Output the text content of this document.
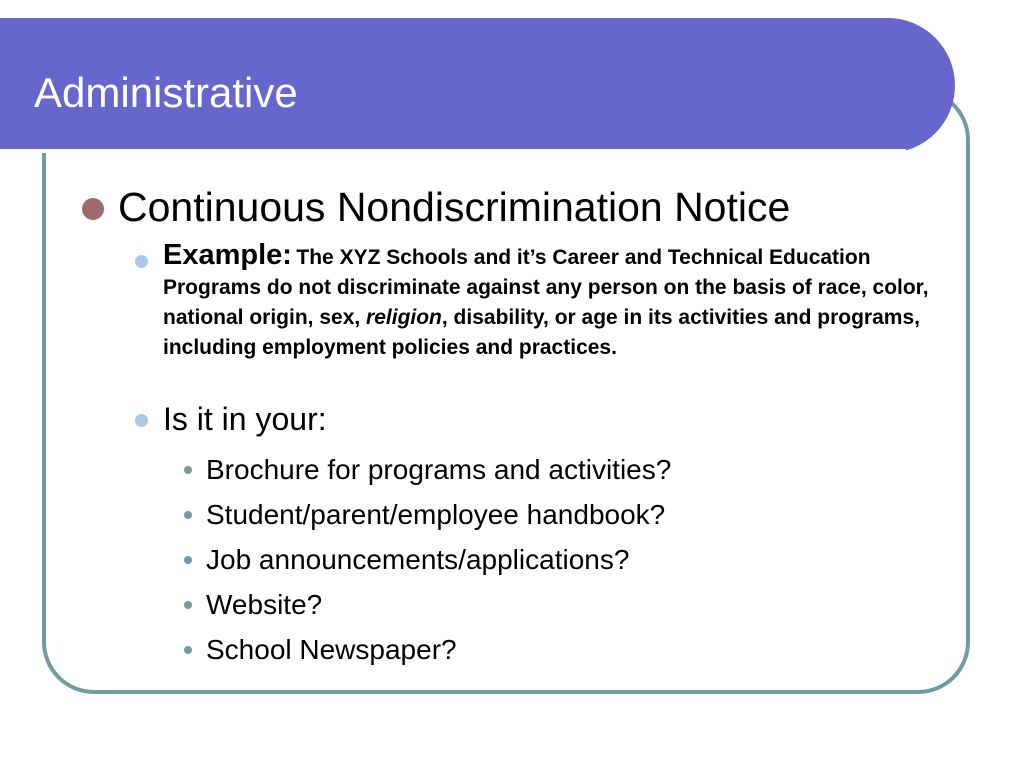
Administrative
Continuous Nondiscrimination Notice
Example: The XYZ Schools and it’s Career and Technical Education Programs do not discriminate against any person on the basis of race, color, national origin, sex, religion, disability, or age in its activities and programs, including employment policies and practices.
Is it in your:
Brochure for programs and activities?
Student/parent/employee handbook?
Job announcements/applications?
Website?
School Newspaper?
